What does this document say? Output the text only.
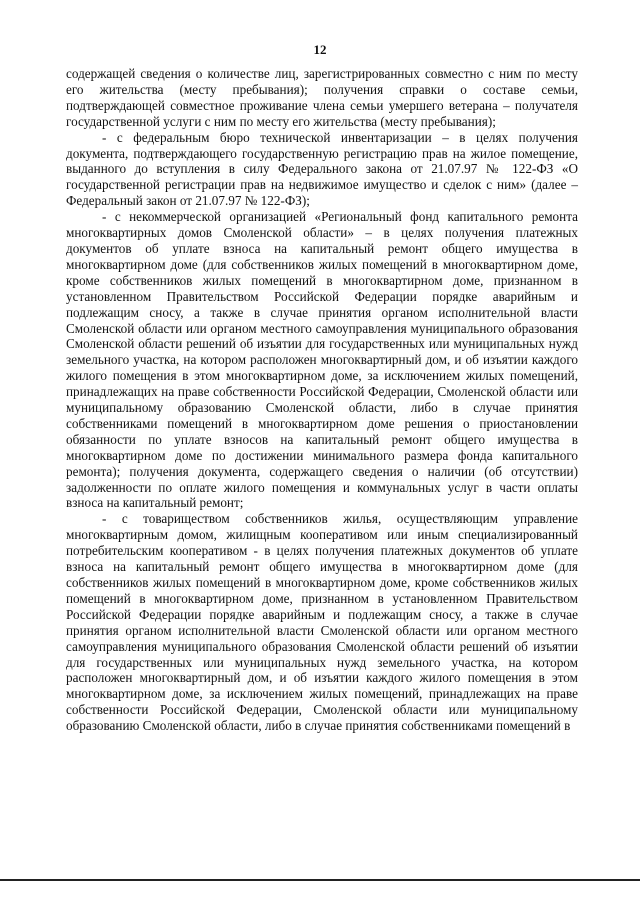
12

содержащей сведения о количестве лиц, зарегистрированных совместно с ним по месту его жительства (месту пребывания); получения справки о составе семьи, подтверждающей совместное проживание члена семьи умершего ветерана – получателя государственной услуги с ним по месту его жительства (месту пребывания);

- с федеральным бюро технической инвентаризации – в целях получения документа, подтверждающего государственную регистрацию прав на жилое помещение, выданного до вступления в силу Федерального закона от 21.07.97 № 122-ФЗ «О государственной регистрации прав на недвижимое имущество и сделок с ним» (далее – Федеральный закон от 21.07.97 № 122-ФЗ);

- с некоммерческой организацией «Региональный фонд капитального ремонта многоквартирных домов Смоленской области» – в целях получения платежных документов об уплате взноса на капитальный ремонт общего имущества в многоквартирном доме (для собственников жилых помещений в многоквартирном доме, кроме собственников жилых помещений в многоквартирном доме, признанном в установленном Правительством Российской Федерации порядке аварийным и подлежащим сносу, а также в случае принятия органом исполнительной власти Смоленской области или органом местного самоуправления муниципального образования Смоленской области решений об изъятии для государственных или муниципальных нужд земельного участка, на котором расположен многоквартирный дом, и об изъятии каждого жилого помещения в этом многоквартирном доме, за исключением жилых помещений, принадлежащих на праве собственности Российской Федерации, Смоленской области или муниципальному образованию Смоленской области, либо в случае принятия собственниками помещений в многоквартирном доме решения о приостановлении обязанности по уплате взносов на капитальный ремонт общего имущества в многоквартирном доме по достижении минимального размера фонда капитального ремонта); получения документа, содержащего сведения о наличии (об отсутствии) задолженности по оплате жилого помещения и коммунальных услуг в части оплаты взноса на капитальный ремонт;

- с товариществом собственников жилья, осуществляющим управление многоквартирным домом, жилищным кооперативом или иным специализированный потребительским кооперативом - в целях получения платежных документов об уплате взноса на капитальный ремонт общего имущества в многоквартирном доме (для собственников жилых помещений в многоквартирном доме, кроме собственников жилых помещений в многоквартирном доме, признанном в установленном Правительством Российской Федерации порядке аварийным и подлежащим сносу, а также в случае принятия органом исполнительной власти Смоленской области или органом местного самоуправления муниципального образования Смоленской области решений об изъятии для государственных или муниципальных нужд земельного участка, на котором расположен многоквартирный дом, и об изъятии каждого жилого помещения в этом многоквартирном доме, за исключением жилых помещений, принадлежащих на праве собственности Российской Федерации, Смоленской области или муниципальному образованию Смоленской области, либо в случае принятия собственниками помещений в
